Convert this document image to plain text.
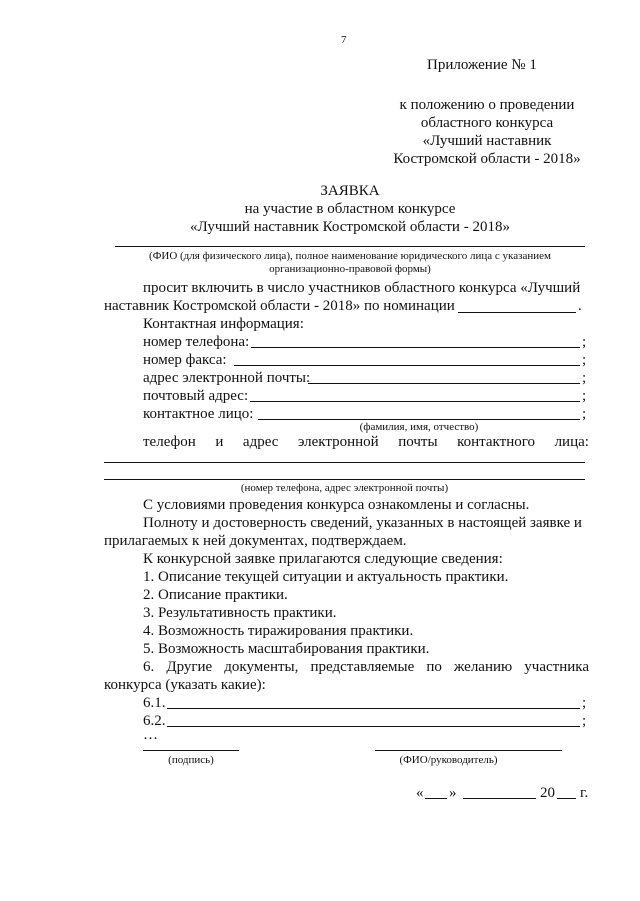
7
Приложение № 1
к положению о проведении
областного конкурса
«Лучший наставник
Костромской области - 2018»
ЗАЯВКА
на участие в областном конкурсе
«Лучший наставник Костромской области - 2018»
(ФИО (для физического лица), полное наименование юридического лица с указанием
организационно-правовой формы)
просит включить в число участников областного конкурса «Лучший
наставник Костромской области - 2018» по номинации	.
Контактная информация:
номер телефона:	;
номер факса:	;
адрес электронной почты:	;
почтовый адрес:	;
контактное лицо:	;
(фамилия, имя, отчество)
телефон и адрес электронной почты контактного лица:
(номер телефона, адрес электронной почты)
С условиями проведения конкурса ознакомлены и согласны.
Полноту и достоверность сведений, указанных в настоящей заявке и
прилагаемых к ней документах, подтверждаем.
К конкурсной заявке прилагаются следующие сведения:
1. Описание текущей ситуации и актуальность практики.
2. Описание практики.
3. Результативность практики.
4. Возможность тиражирования практики.
5. Возможность масштабирования практики.
6. Другие документы, представляемые по желанию участника
конкурса (указать какие):
6.1.	;
6.2.	;
…
(подпись)	(ФИО/руководитель)
« »	20 г.
